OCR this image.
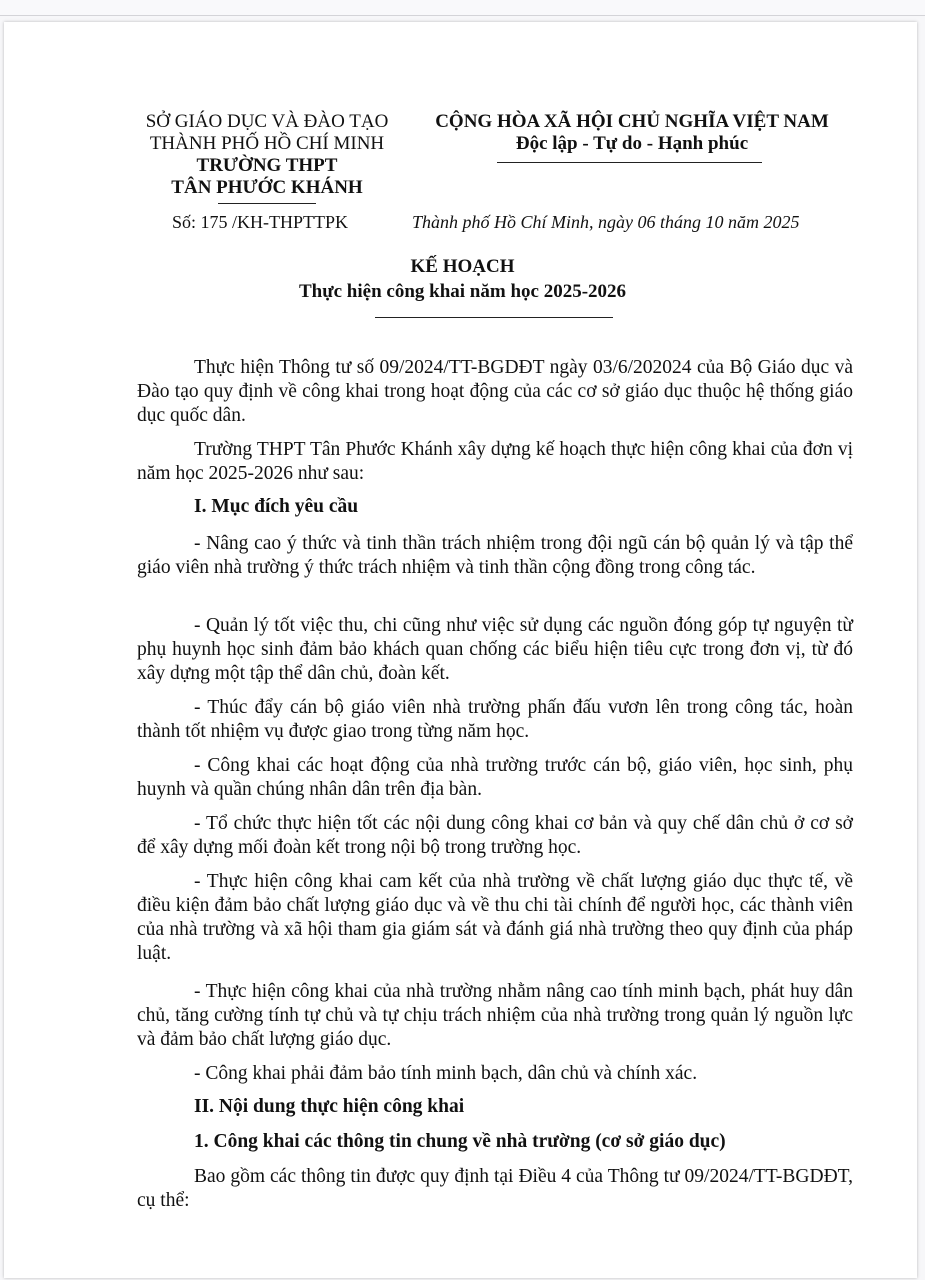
SỞ GIÁO DỤC VÀ ĐÀO TẠO
THÀNH PHỐ HỒ CHÍ MINH
TRƯỜNG THPT
TÂN PHƯỚC KHÁNH
Số: 175 /KH-THPTTPK
CỘNG HÒA XÃ HỘI CHỦ NGHĨA VIỆT NAM
Độc lập - Tự do - Hạnh phúc
Thành phố Hồ Chí Minh, ngày 06 tháng 10 năm 2025
KẾ HOẠCH
Thực hiện công khai năm học 2025-2026

Thực hiện Thông tư số 09/2024/TT-BGDĐT ngày 03/6/202024 của Bộ Giáo dục và Đào tạo quy định về công khai trong hoạt động của các cơ sở giáo dục thuộc hệ thống giáo dục quốc dân.

Trường THPT Tân Phước Khánh xây dựng kế hoạch thực hiện công khai của đơn vị năm học 2025-2026 như sau:

I. Mục đích yêu cầu

- Nâng cao ý thức và tinh thần trách nhiệm trong đội ngũ cán bộ quản lý và tập thể giáo viên nhà trường ý thức trách nhiệm và tinh thần cộng đồng trong công tác.

- Quản lý tốt việc thu, chi cũng như việc sử dụng các nguồn đóng góp tự nguyện từ phụ huynh học sinh đảm bảo khách quan chống các biểu hiện tiêu cực trong đơn vị, từ đó xây dựng một tập thể dân chủ, đoàn kết.

- Thúc đẩy cán bộ giáo viên nhà trường phấn đấu vươn lên trong công tác, hoàn thành tốt nhiệm vụ được giao trong từng năm học.

- Công khai các hoạt động của nhà trường trước cán bộ, giáo viên, học sinh, phụ huynh và quần chúng nhân dân trên địa bàn.

- Tổ chức thực hiện tốt các nội dung công khai cơ bản và quy chế dân chủ ở cơ sở để xây dựng mối đoàn kết trong nội bộ trong trường học.

- Thực hiện công khai cam kết của nhà trường về chất lượng giáo dục thực tế, về điều kiện đảm bảo chất lượng giáo dục và về thu chi tài chính để người học, các thành viên của nhà trường và xã hội tham gia giám sát và đánh giá nhà trường theo quy định của pháp luật.

- Thực hiện công khai của nhà trường nhằm nâng cao tính minh bạch, phát huy dân chủ, tăng cường tính tự chủ và tự chịu trách nhiệm của nhà trường trong quản lý nguồn lực và đảm bảo chất lượng giáo dục.

- Công khai phải đảm bảo tính minh bạch, dân chủ và chính xác.

II. Nội dung thực hiện công khai
1. Công khai các thông tin chung về nhà trường (cơ sở giáo dục)

Bao gồm các thông tin được quy định tại Điều 4 của Thông tư 09/2024/TT-BGDĐT, cụ thể:
